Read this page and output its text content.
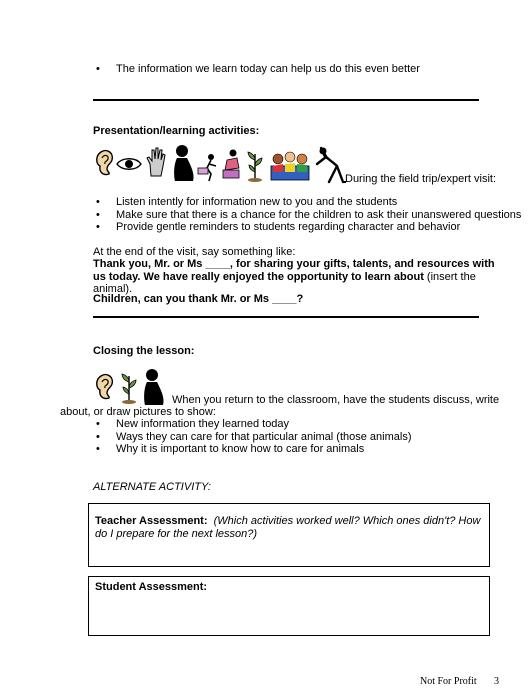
• The information we learn today can help us do this even better
Presentation/learning activities:
During the field trip/expert visit:
• Listen intently for information new to you and the students
• Make sure that there is a chance for the children to ask their unanswered questions
• Provide gentle reminders to students regarding character and behavior
At the end of the visit, say something like:
Thank you, Mr. or Ms ____, for sharing your gifts, talents, and resources with us today. We have really enjoyed the opportunity to learn about (insert the animal).
Children, can you thank Mr. or Ms ____?
Closing the lesson:
When you return to the classroom, have the students discuss, write
about, or draw pictures to show:
• New information they learned today
• Ways they can care for that particular animal (those animals)
• Why it is important to know how to care for animals
ALTERNATE ACTIVITY:
Teacher Assessment: (Which activities worked well? Which ones didn't? How do I prepare for the next lesson?)
Student Assessment:
Not For Profit 3
